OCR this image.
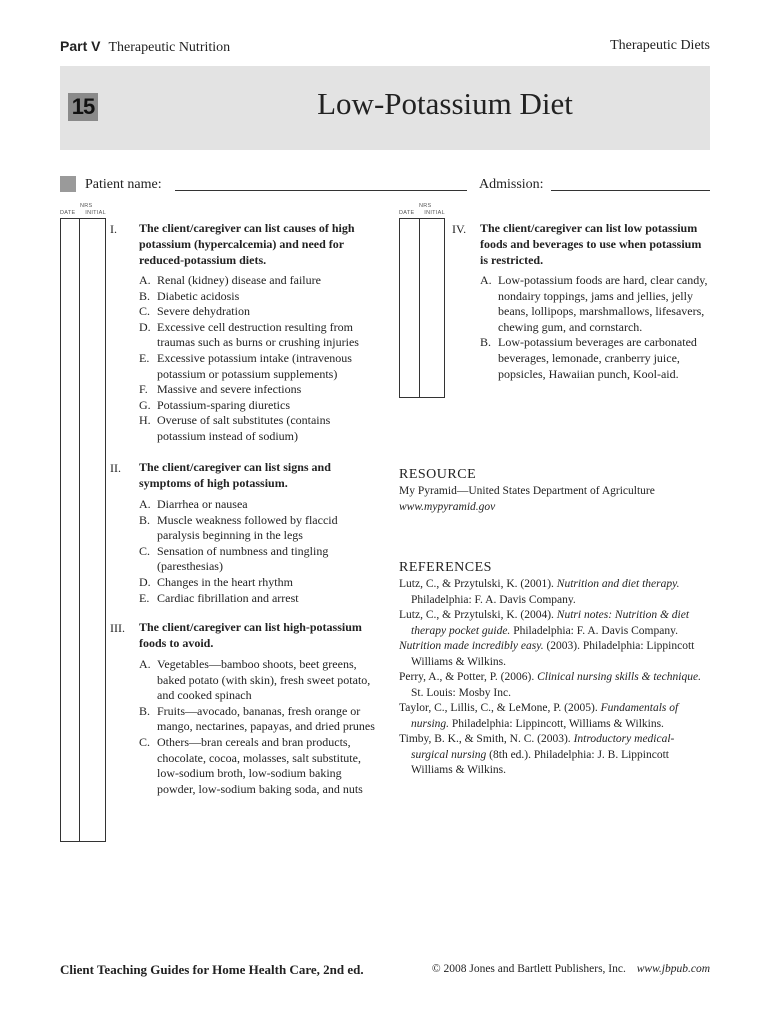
Part V Therapeutic Nutrition	Therapeutic Diets
15	Low-Potassium Diet
Patient name:	Admission:
NRS
DATE INITIAL
NRS
DATE INITIAL
I. The client/caregiver can list causes of high potassium (hypercalcemia) and need for reduced-potassium diets.
A. Renal (kidney) disease and failure
B. Diabetic acidosis
C. Severe dehydration
D. Excessive cell destruction resulting from traumas such as burns or crushing injuries
E. Excessive potassium intake (intravenous potassium or potassium supplements)
F. Massive and severe infections
G. Potassium-sparing diuretics
H. Overuse of salt substitutes (contains potassium instead of sodium)
II. The client/caregiver can list signs and symptoms of high potassium.
A. Diarrhea or nausea
B. Muscle weakness followed by flaccid paralysis beginning in the legs
C. Sensation of numbness and tingling (paresthesias)
D. Changes in the heart rhythm
E. Cardiac fibrillation and arrest
III. The client/caregiver can list high-potassium foods to avoid.
A. Vegetables—bamboo shoots, beet greens, baked potato (with skin), fresh sweet potato, and cooked spinach
B. Fruits—avocado, bananas, fresh orange or mango, nectarines, papayas, and dried prunes
C. Others—bran cereals and bran products, chocolate, cocoa, molasses, salt substitute, low-sodium broth, low-sodium baking powder, low-sodium baking soda, and nuts
IV. The client/caregiver can list low potassium foods and beverages to use when potassium is restricted.
A. Low-potassium foods are hard, clear candy, nondairy toppings, jams and jellies, jelly beans, lollipops, marshmallows, lifesavers, chewing gum, and cornstarch.
B. Low-potassium beverages are carbonated beverages, lemonade, cranberry juice, popsicles, Hawaiian punch, Kool-aid.
RESOURCE
My Pyramid—United States Department of Agriculture
www.mypyramid.gov
REFERENCES
Lutz, C., & Przytulski, K. (2001). Nutrition and diet therapy. Philadelphia: F. A. Davis Company.
Lutz, C., & Przytulski, K. (2004). Nutri notes: Nutrition & diet therapy pocket guide. Philadelphia: F. A. Davis Company.
Nutrition made incredibly easy. (2003). Philadelphia: Lippincott Williams & Wilkins.
Perry, A., & Potter, P. (2006). Clinical nursing skills & technique. St. Louis: Mosby Inc.
Taylor, C., Lillis, C., & LeMone, P. (2005). Fundamentals of nursing. Philadelphia: Lippincott, Williams & Wilkins.
Timby, B. K., & Smith, N. C. (2003). Introductory medical-surgical nursing (8th ed.). Philadelphia: J. B. Lippincott Williams & Wilkins.
Client Teaching Guides for Home Health Care, 2nd ed.	© 2008 Jones and Bartlett Publishers, Inc. www.jbpub.com
